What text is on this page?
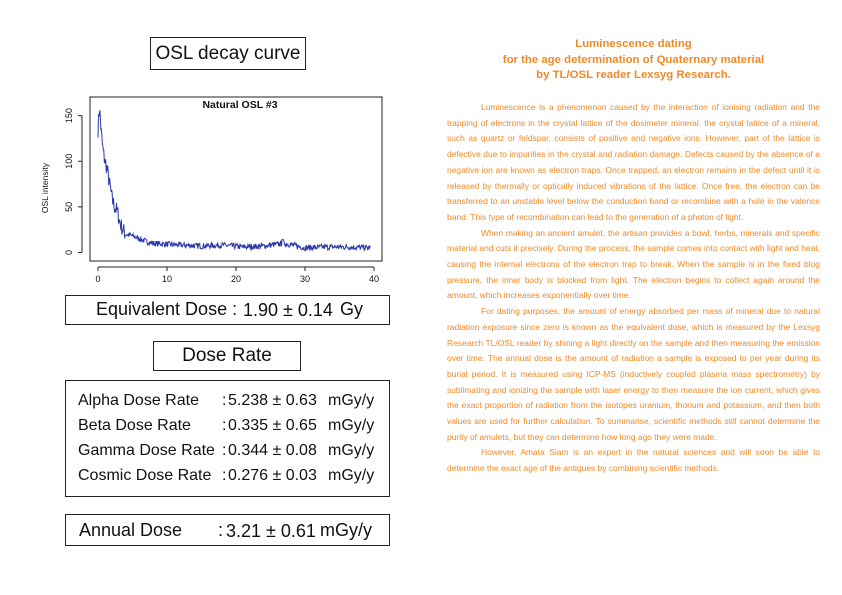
OSL decay curve
Natural OSL #3
OSL intensity
0	10	20	30	40
0
50
100
150
Equivalent Dose : 1.90 ± 0.14 Gy
Dose Rate
Alpha Dose Rate	: 5.238 ± 0.63 mGy/y
Beta Dose Rate	: 0.335 ± 0.65 mGy/y
Gamma Dose Rate : 0.344 ± 0.08 mGy/y
Cosmic Dose Rate : 0.276 ± 0.03 mGy/y
Annual Dose : 3.21 ± 0.61 mGy/y
Luminescence dating
for the age determination of Quaternary material
by TL/OSL reader Lexsyg Research.

Luminescence is a phenomenon caused by the interaction of ionising radiation and the trapping of electrons in the crystal lattice of the dosimeter mineral. the crystal lattice of a mineral, such as quartz or feldspar, consists of positive and negative ions. However, part of the lattice is defective due to impurities in the crystal and radiation damage. Defects caused by the absence of a negative ion are known as electron traps. Once trapped, an electron remains in the defect until it is released by thermally or optically induced vibrations of the lattice. Once free, the electron can be transferred to an unstable level below the conduction band or recombine with a hole in the valence band. This type of recombination can lead to the generation of a photon of light.

When making an ancient amulet, the artisan provides a bowl, herbs, minerals and specific material and cuts it precisely. During the process, the sample comes into contact with light and heat, causing the internal electrons of the electron trap to break. When the sample is in the fixed blog pressure, the inner body is blocked from light. The electron begins to collect again around the amount, which increases exponentially over time.

For dating purposes, the amount of energy absorbed per mass of mineral due to natural radiation exposure since zero is known as the equivalent dose, which is measured by the Lexsyg Research TL/OSL reader by shining a light directly on the sample and then measuring the emission over time. The annual dose is the amount of radiation a sample is exposed to per year during its burial period. It is measured using ICP-MS (inductively coupled plasma mass spectrometry) by sublimating and ionizing the sample with laser energy to then measure the ion current, which gives the exact proportion of radiation from the isotopes uranium, thorium and potassium, and then both values are used for further calculation. To summarise, scientific methods still cannot determine the purity of amulets, but they can determine how long ago they were made.

However, Amata Siam is an expert in the natural sciences and will soon be able to determine the exact age of the antiques by combining scientific methods.
